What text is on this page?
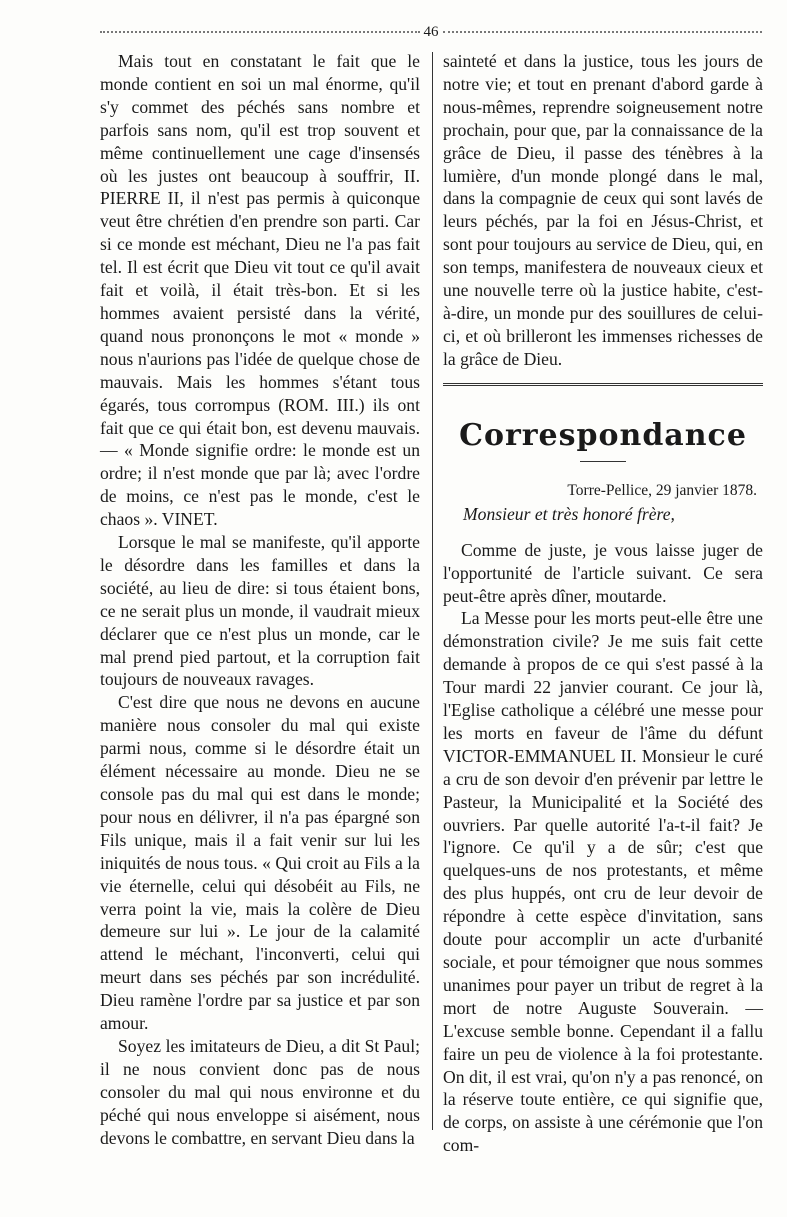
46

Mais tout en constatant le fait que le monde contient en soi un mal énorme, qu'il s'y commet des péchés sans nombre et parfois sans nom, qu'il est trop souvent et même continuellement une cage d'insensés où les justes ont beaucoup à souffrir, II. PIERRE II, il n'est pas permis à quiconque veut être chrétien d'en prendre son parti. Car si ce monde est méchant, Dieu ne l'a pas fait tel. Il est écrit que Dieu vit tout ce qu'il avait fait et voilà, il était très-bon. Et si les hommes avaient persisté dans la vérité, quand nous prononçons le mot « monde » nous n'aurions pas l'idée de quelque chose de mauvais. Mais les hommes s'étant tous égarés, tous corrompus (ROM. III.) ils ont fait que ce qui était bon, est devenu mauvais. — « Monde signifie ordre: le monde est un ordre; il n'est monde que par là; avec l'ordre de moins, ce n'est pas le monde, c'est le chaos ». VINET.

Lorsque le mal se manifeste, qu'il apporte le désordre dans les familles et dans la société, au lieu de dire: si tous étaient bons, ce ne serait plus un monde, il vaudrait mieux déclarer que ce n'est plus un monde, car le mal prend pied partout, et la corruption fait toujours de nouveaux ravages.

C'est dire que nous ne devons en aucune manière nous consoler du mal qui existe parmi nous, comme si le désordre était un élément nécessaire au monde. Dieu ne se console pas du mal qui est dans le monde; pour nous en délivrer, il n'a pas épargné son Fils unique, mais il a fait venir sur lui les iniquités de nous tous. « Qui croit au Fils a la vie éternelle, celui qui désobéit au Fils, ne verra point la vie, mais la colère de Dieu demeure sur lui ». Le jour de la calamité attend le méchant, l'inconverti, celui qui meurt dans ses péchés par son incrédulité. Dieu ramène l'ordre par sa justice et par son amour.

Soyez les imitateurs de Dieu, a dit St Paul; il ne nous convient donc pas de nous consoler du mal qui nous environne et du péché qui nous enveloppe si aisément, nous devons le combattre, en servant Dieu dans la

sainteté et dans la justice, tous les jours de notre vie; et tout en prenant d'abord garde à nous-mêmes, reprendre soigneusement notre prochain, pour que, par la connaissance de la grâce de Dieu, il passe des ténèbres à la lumière, d'un monde plongé dans le mal, dans la compagnie de ceux qui sont lavés de leurs péchés, par la foi en Jésus-Christ, et sont pour toujours au service de Dieu, qui, en son temps, manifestera de nouveaux cieux et une nouvelle terre où la justice habite, c'est-à-dire, un monde pur des souillures de celui-ci, et où brilleront les immenses richesses de la grâce de Dieu.

Correspondance
Torre-Pellice, 29 janvier 1878.
Monsieur et très honoré frère,

Comme de juste, je vous laisse juger de l'opportunité de l'article suivant. Ce sera peut-être après dîner, moutarde.

La Messe pour les morts peut-elle être une démonstration civile? Je me suis fait cette demande à propos de ce qui s'est passé à la Tour mardi 22 janvier courant. Ce jour là, l'Eglise catholique a célébré une messe pour les morts en faveur de l'âme du défunt VICTOR-EMMANUEL II. Monsieur le curé a cru de son devoir d'en prévenir par lettre le Pasteur, la Municipalité et la Société des ouvriers. Par quelle autorité l'a-t-il fait? Je l'ignore. Ce qu'il y a de sûr; c'est que quelques-uns de nos protestants, et même des plus huppés, ont cru de leur devoir de répondre à cette espèce d'invitation, sans doute pour accomplir un acte d'urbanité sociale, et pour témoigner que nous sommes unanimes pour payer un tribut de regret à la mort de notre Auguste Souverain. — L'excuse semble bonne. Cependant il a fallu faire un peu de violence à la foi protestante. On dit, il est vrai, qu'on n'y a pas renoncé, on la réserve toute entière, ce qui signifie que, de corps, on assiste à une cérémonie que l'on com-
